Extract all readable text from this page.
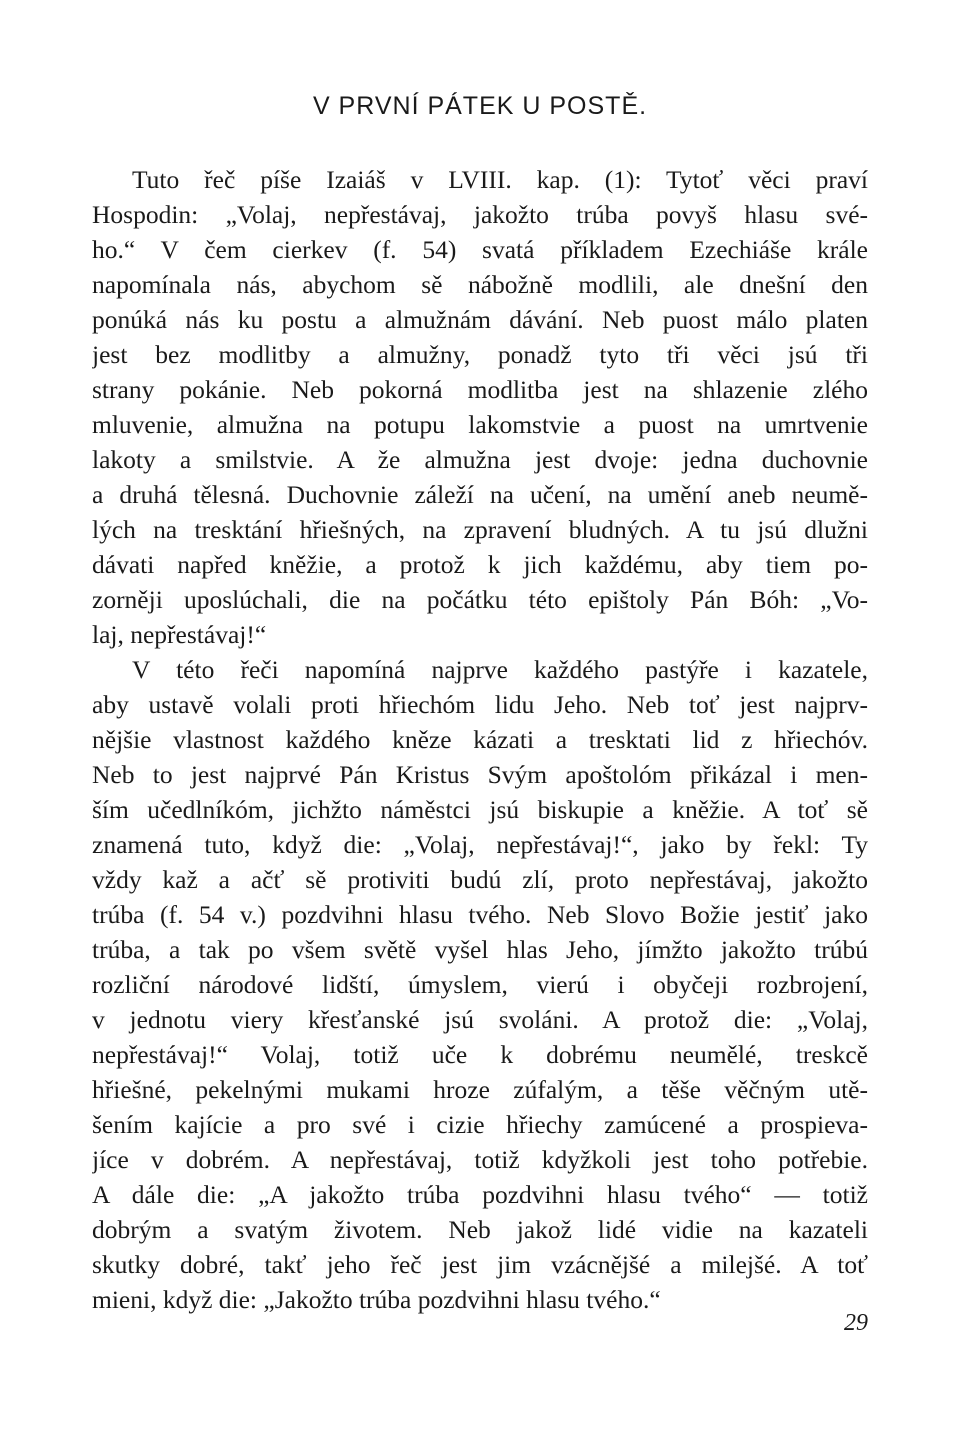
V PRVNÍ PÁTEK U POSTĚ.
Tuto řeč píše Izaiáš v LVIII. kap. (1): Tytoť věci praví
Hospodin: „Volaj, nepřestávaj, jakožto trúba povyš hlasu své-
ho.“ V čem cierkev (f. 54) svatá příkladem Ezechiáše krále
napomínala nás, abychom sě nábožně modlili, ale dnešní den
ponúká nás ku postu a almužnám dávání. Neb puost málo platen
jest bez modlitby a almužny, ponadž tyto tři věci jsú tři
strany pokánie. Neb pokorná modlitba jest na shlazenie zlého
mluvenie, almužna na potupu lakomstvie a puost na umrtvenie
lakoty a smilstvie. A že almužna jest dvoje: jedna duchovnie
a druhá tělesná. Duchovnie záleží na učení, na umění aneb neumě-
lých na tresktání hřiešných, na zpravení bludných. A tu jsú dlužni
dávati napřed kněžie, a protož k jich každému, aby tiem po-
zorněji uposlúchali, die na počátku této epištoly Pán Bóh: „Vo-
laj, nepřestávaj!“
V této řeči napomíná najprve každého pastýře i kazatele,
aby ustavě volali proti hřiechóm lidu Jeho. Neb toť jest najprv-
nějšie vlastnost každého kněze kázati a tresktati lid z hřiechóv.
Neb to jest najprvé Pán Kristus Svým apoštolóm přikázal i men-
ším učedlníkóm, jichžto náměstci jsú biskupie a kněžie. A toť sě
znamená tuto, když die: „Volaj, nepřestávaj!“, jako by řekl: Ty
vždy kaž a ačť sě protiviti budú zlí, proto nepřestávaj, jakožto
trúba (f. 54 v.) pozdvihni hlasu tvého. Neb Slovo Božie jestiť jako
trúba, a tak po všem světě vyšel hlas Jeho, jímžto jakožto trúbú
rozliční národové lidští, úmyslem, vierú i obyčeji rozbrojení,
v jednotu viery křesťanské jsú svoláni. A protož die: „Volaj,
nepřestávaj!“ Volaj, totiž uče k dobrému neumělé, treskcě
hřiešné, pekelnými mukami hroze zúfalým, a těše věčným utě-
šením kajície a pro své i cizie hřiechy zamúcené a prospieva-
jíce v dobrém. A nepřestávaj, totiž kdyžkoli jest toho potřebie.
A dále die: „A jakožto trúba pozdvihni hlasu tvého“ — totiž
dobrým a svatým životem. Neb jakož lidé vidie na kazateli
skutky dobré, takť jeho řeč jest jim vzácnějšé a milejšé. A toť
mieni, když die: „Jakožto trúba pozdvihni hlasu tvého.“
29
